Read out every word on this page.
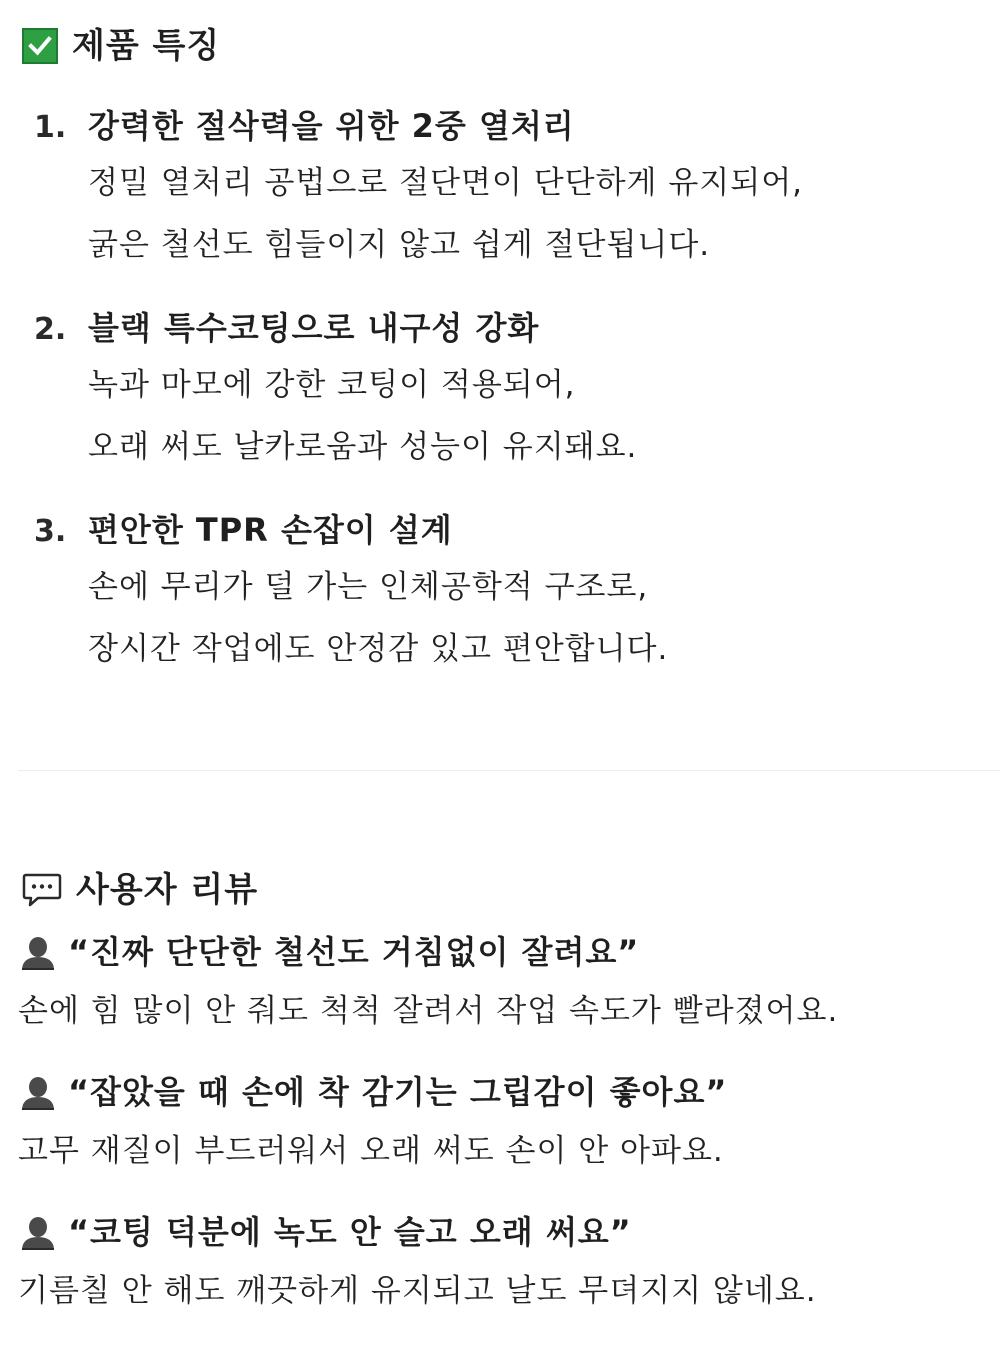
제품 특징
1. 강력한 절삭력을 위한 2중 열처리
정밀 열처리 공법으로 절단면이 단단하게 유지되어,
굵은 철선도 힘들이지 않고 쉽게 절단됩니다.
2. 블랙 특수코팅으로 내구성 강화
녹과 마모에 강한 코팅이 적용되어,
오래 써도 날카로움과 성능이 유지돼요.
3. 편안한 TPR 손잡이 설계
손에 무리가 덜 가는 인체공학적 구조로,
장시간 작업에도 안정감 있고 편안합니다.
사용자 리뷰
“진짜 단단한 철선도 거침없이 잘려요”
손에 힘 많이 안 줘도 척척 잘려서 작업 속도가 빨라졌어요.
“잡았을 때 손에 착 감기는 그립감이 좋아요”
고무 재질이 부드러워서 오래 써도 손이 안 아파요.
“코팅 덕분에 녹도 안 슬고 오래 써요”
기름칠 안 해도 깨끗하게 유지되고 날도 무뎌지지 않네요.
